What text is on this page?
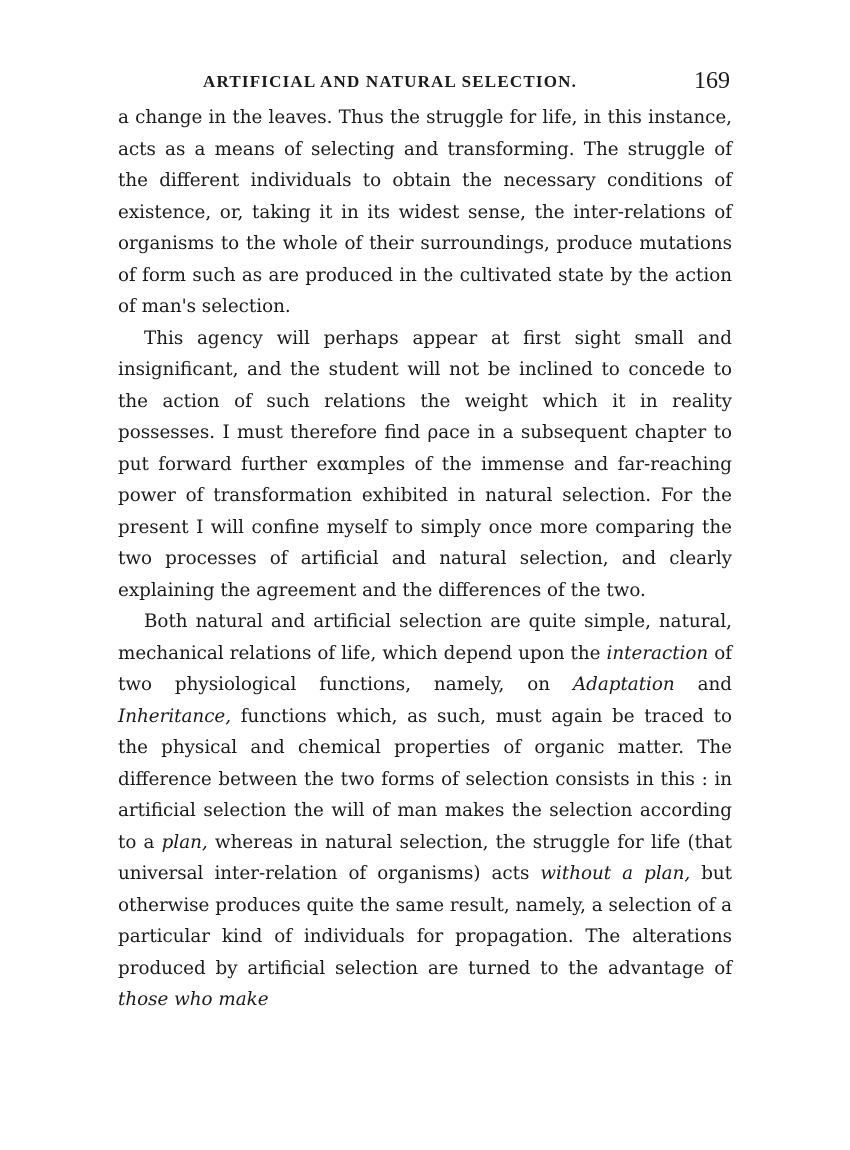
ARTIFICIAL AND NATURAL SELECTION.	169

a change in the leaves. Thus the struggle for life, in this instance, acts as a means of selecting and transforming. The struggle of the different individuals to obtain the necessary conditions of existence, or, taking it in its widest sense, the inter-relations of organisms to the whole of their surroundings, produce mutations of form such as are produced in the cultivated state by the action of man's selection.

This agency will perhaps appear at first sight small and insignificant, and the student will not be inclined to concede to the action of such relations the weight which it in reality possesses. I must therefore find ρace in a subsequent chapter to put forward further exαmples of the immense and far-reaching power of transformation exhibited in natural selection. For the present I will confine myself to simply once more comparing the two processes of artificial and natural selection, and clearly explaining the agreement and the differences of the two.

Both natural and artificial selection are quite simple, natural, mechanical relations of life, which depend upon the interaction of two physiological functions, namely, on Adaptation and Inheritance, functions which, as such, must again be traced to the physical and chemical properties of organic matter. The difference between the two forms of selection consists in this : in artificial selection the will of man makes the selection according to a plan, whereas in natural selection, the struggle for life (that universal inter-relation of organisms) acts without a plan, but otherwise produces quite the same result, namely, a selection of a particular kind of individuals for propagation. The alterations produced by artificial selection are turned to the advantage of those who make
